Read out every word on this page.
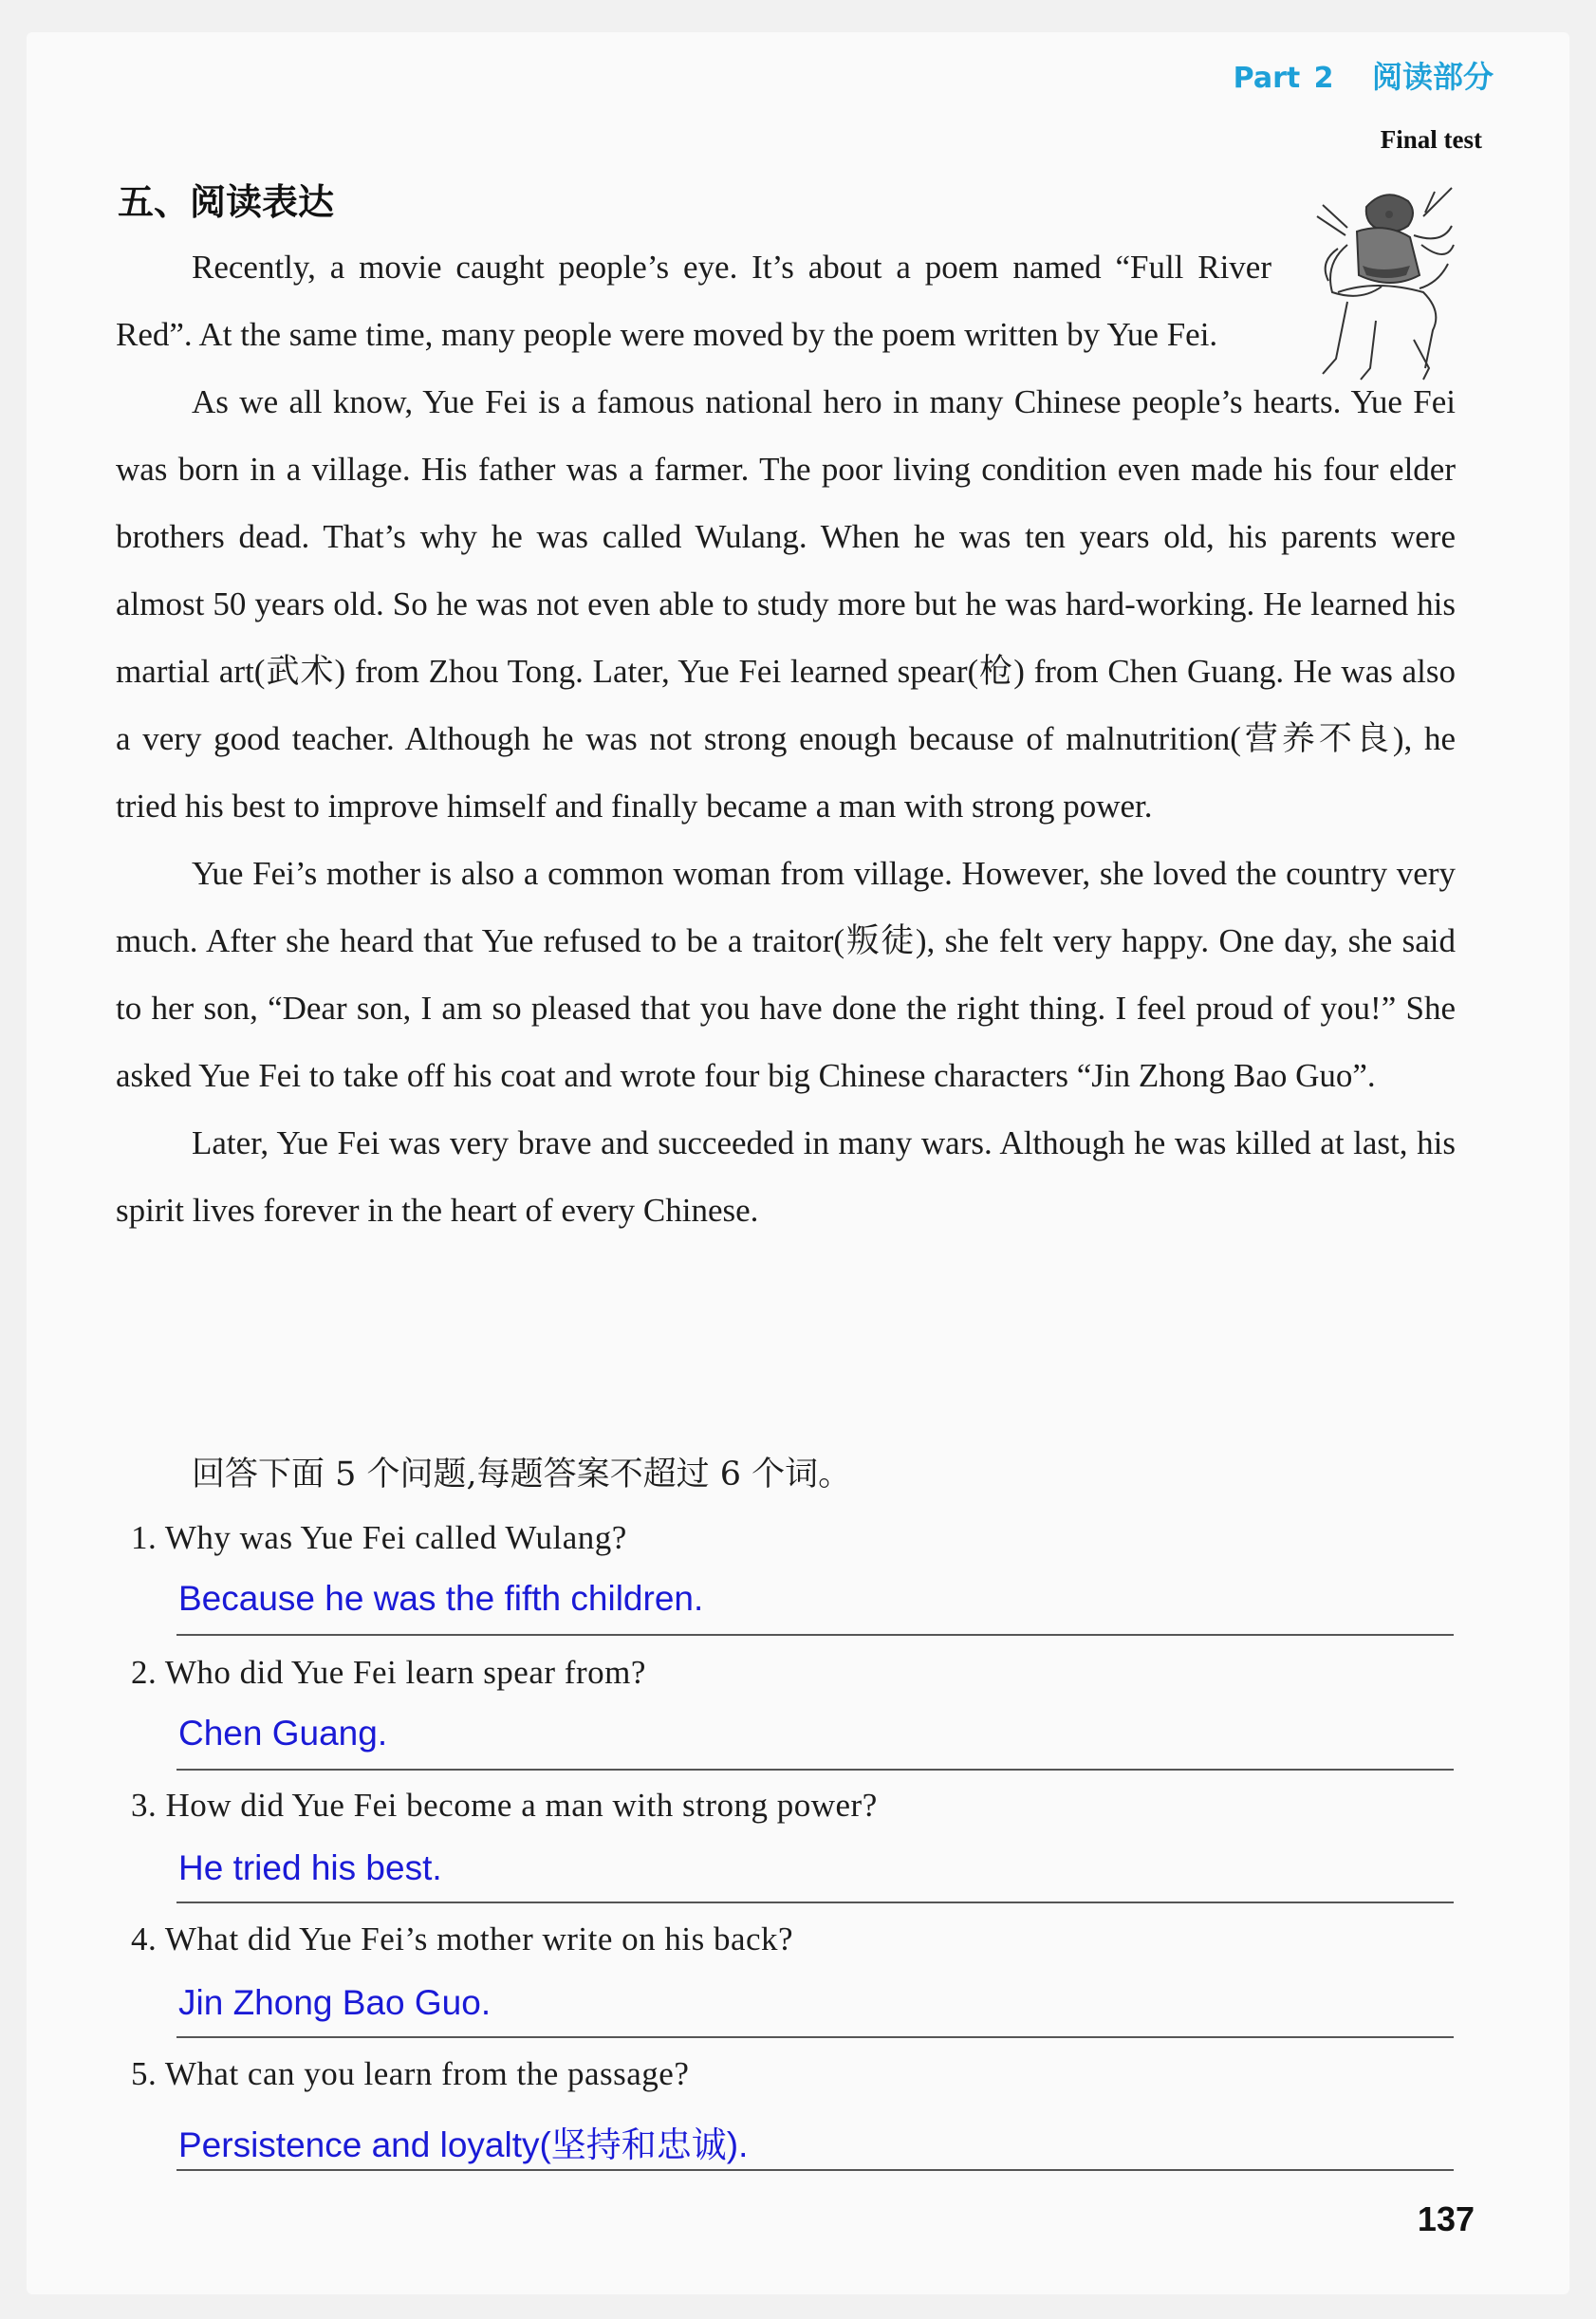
Part 2 阅读部分
Final test
五、阅读表达

Recently, a movie caught people’s eye. It’s about a poem named “Full River Red”. At the same time, many people were moved by the poem written by Yue Fei.

As we all know, Yue Fei is a famous national hero in many Chinese people’s hearts. Yue Fei was born in a village. His father was a farmer. The poor living condition even made his four elder brothers dead. That’s why he was called Wulang. When he was ten years old, his parents were almost 50 years old. So he was not even able to study more but he was hard-working. He learned his martial art(武术) from Zhou Tong. Later, Yue Fei learned spear(枪) from Chen Guang. He was also a very good teacher. Although he was not strong enough because of malnutrition(营养不良), he tried his best to improve himself and finally became a man with strong power.

Yue Fei’s mother is also a common woman from village. However, she loved the country very much. After she heard that Yue refused to be a traitor(叛徒), she felt very happy. One day, she said to her son, “Dear son, I am so pleased that you have done the right thing. I feel proud of you!” She asked Yue Fei to take off his coat and wrote four big Chinese characters “Jin Zhong Bao Guo”.

Later, Yue Fei was very brave and succeeded in many wars. Although he was killed at last, his spirit lives forever in the heart of every Chinese.

回答下面 5 个问题,每题答案不超过 6 个词。
1. Why was Yue Fei called Wulang?
Because he was the fifth children.
2. Who did Yue Fei learn spear from?
Chen Guang.
3. How did Yue Fei become a man with strong power?
He tried his best.
4. What did Yue Fei’s mother write on his back?
Jin Zhong Bao Guo.
5. What can you learn from the passage?
Persistence and loyalty(坚持和忠诚).
137
